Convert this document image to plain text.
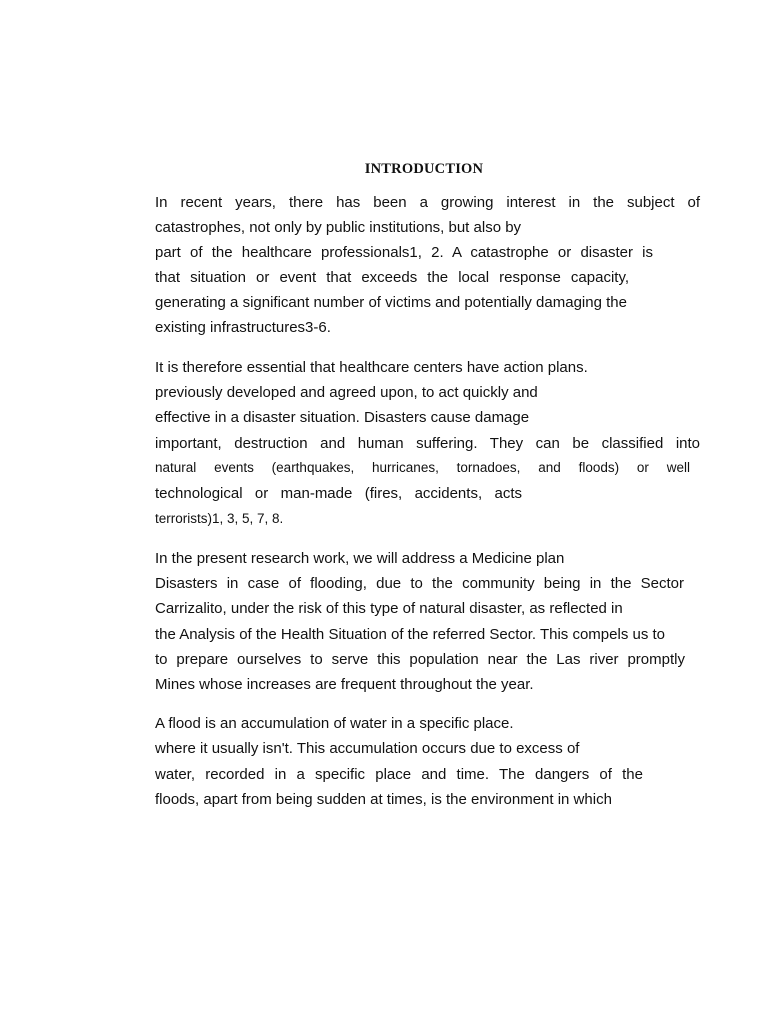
INTRODUCTION

In recent years, there has been a growing interest in the subject of

catastrophes, not only by public institutions, but also by

part of the healthcare professionals1, 2. A catastrophe or disaster is

that situation or event that exceeds the local response capacity,

generating a significant number of victims and potentially damaging the

existing infrastructures3-6.

It is therefore essential that healthcare centers have action plans.

previously developed and agreed upon, to act quickly and

effective in a disaster situation. Disasters cause damage

important, destruction and human suffering. They can be classified into

natural events (earthquakes, hurricanes, tornadoes, and floods) or well

technological or man-made (fires, accidents, acts

terrorists)1, 3, 5, 7, 8.

In the present research work, we will address a Medicine plan

Disasters in case of flooding, due to the community being in the Sector

Carrizalito, under the risk of this type of natural disaster, as reflected in

the Analysis of the Health Situation of the referred Sector. This compels us to

to prepare ourselves to serve this population near the Las river promptly

Mines whose increases are frequent throughout the year.

A flood is an accumulation of water in a specific place.

where it usually isn't. This accumulation occurs due to excess of

water, recorded in a specific place and time. The dangers of the

floods, apart from being sudden at times, is the environment in which
